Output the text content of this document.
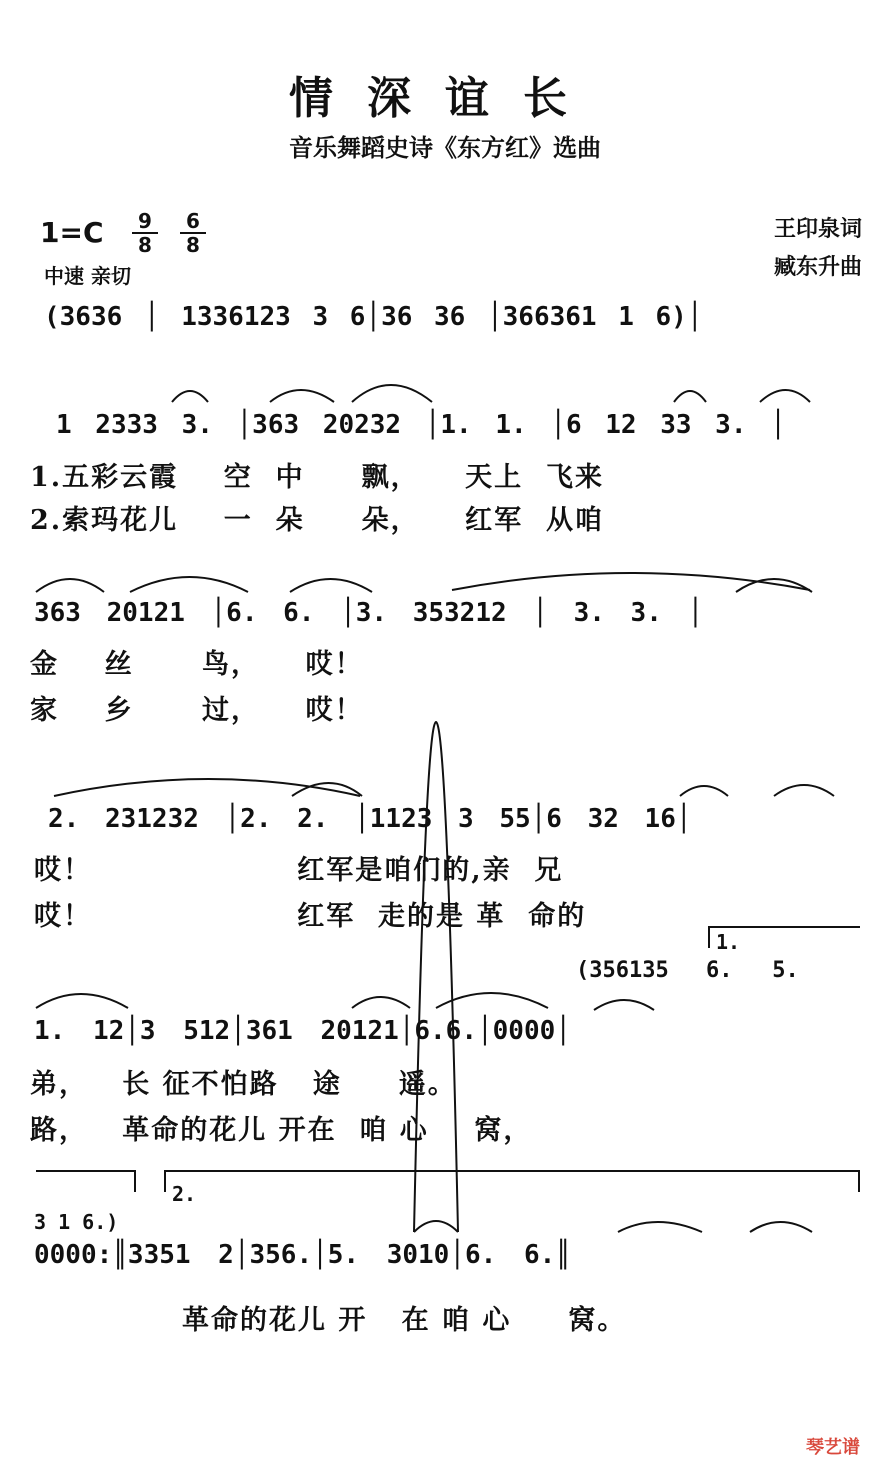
情深谊长
音乐舞蹈史诗《东方红》选曲
$1=C \frac{9}{8} \frac{6}{8}$
中速 亲切
王印泉词
臧东升曲
(3636 │ 1336123 3 6│36 36 │366361 1 6)│
1 2333 3. │363 20232 │1. 1. │6 12 33 3. │
1.五彩云霞    空  中     飘，    天上  飞来
2.索玛花儿    一  朵     朵，    红军  从咱
363 20121 │6. 6. │3. 353212 │ 3. 3. │
金    丝      鸟，    哎！
家    乡      过，    哎！
2. 231232 │2. 2. │1123 3 55│6 32 16│
哎！                  红军是咱们的,亲  兄
哎！                  红军  走的是 革  命的
(356135
1.
6.   5.
1. 12│3 512│361 20121│6.6.│0000│
弟，   长 征不怕路   途     遥。
路，   革命的花儿 开在  咱 心    窝，
3 1 6.)
2.
0000:║3351 2│356.│5. 3010│6. 6.║
革命的花儿 开   在 咱 心     窝。
琴艺谱
